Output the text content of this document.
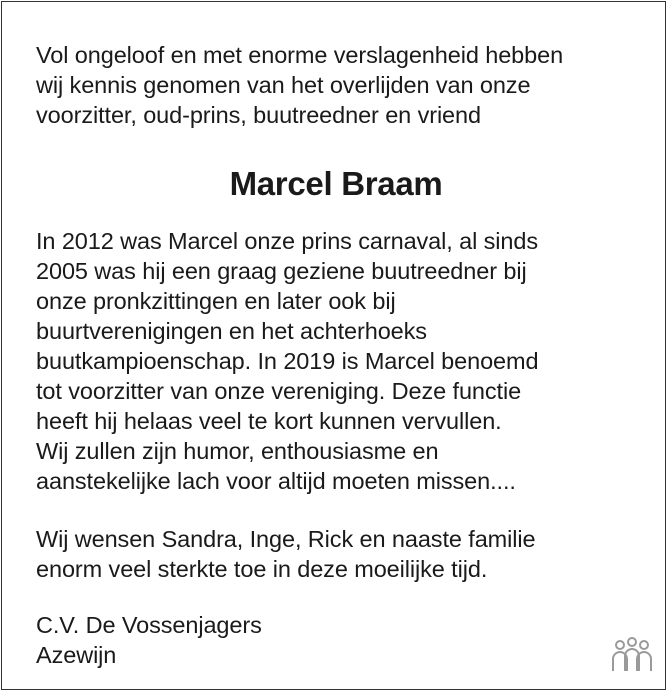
Vol ongeloof en met enorme verslagenheid hebben
wij kennis genomen van het overlijden van onze
voorzitter, oud-prins, buutreedner en vriend

Marcel Braam

In 2012 was Marcel onze prins carnaval, al sinds
2005 was hij een graag geziene buutreedner bij
onze pronkzittingen en later ook bij
buurtverenigingen en het achterhoeks
buutkampioenschap. In 2019 is Marcel benoemd
tot voorzitter van onze vereniging. Deze functie
heeft hij helaas veel te kort kunnen vervullen.
Wij zullen zijn humor, enthousiasme en
aanstekelijke lach voor altijd moeten missen....

Wij wensen Sandra, Inge, Rick en naaste familie
enorm veel sterkte toe in deze moeilijke tijd.

C.V. De Vossenjagers
Azewijn
